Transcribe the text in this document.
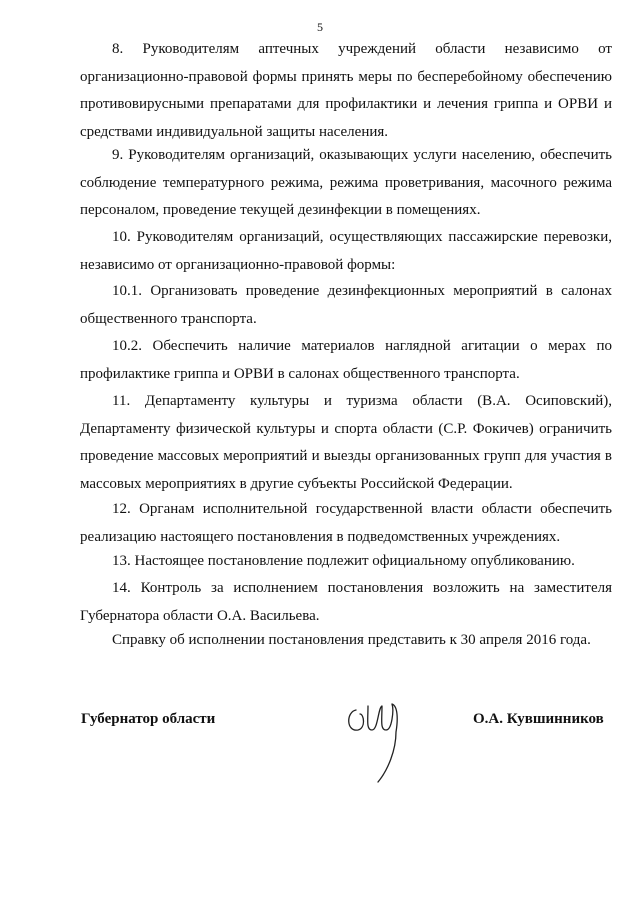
5

8. Руководителям аптечных учреждений области независимо от организационно-правовой формы принять меры по бесперебойному обеспечению противовирусными препаратами для профилактики и лечения гриппа и ОРВИ и средствами индивидуальной защиты населения.

9. Руководителям организаций, оказывающих услуги населению, обеспечить соблюдение температурного режима, режима проветривания, масочного режима персоналом, проведение текущей дезинфекции в помещениях.

10. Руководителям организаций, осуществляющих пассажирские перевозки, независимо от организационно-правовой формы:

10.1. Организовать проведение дезинфекционных мероприятий в салонах общественного транспорта.

10.2. Обеспечить наличие материалов наглядной агитации о мерах по профилактике гриппа и ОРВИ в салонах общественного транспорта.

11. Департаменту культуры и туризма области (В.А. Осиповский), Департаменту физической культуры и спорта области (С.Р. Фокичев) ограничить проведение массовых мероприятий и выезды организованных групп для участия в массовых мероприятиях в другие субъекты Российской Федерации.

12. Органам исполнительной государственной власти области обеспечить реализацию настоящего постановления в подведомственных учреждениях.

13. Настоящее постановление подлежит официальному опубликованию.

14. Контроль за исполнением постановления возложить на заместителя Губернатора области О.А. Васильева.

Справку об исполнении постановления представить к 30 апреля 2016 года.

Губернатор области	О.А. Кувшинников
